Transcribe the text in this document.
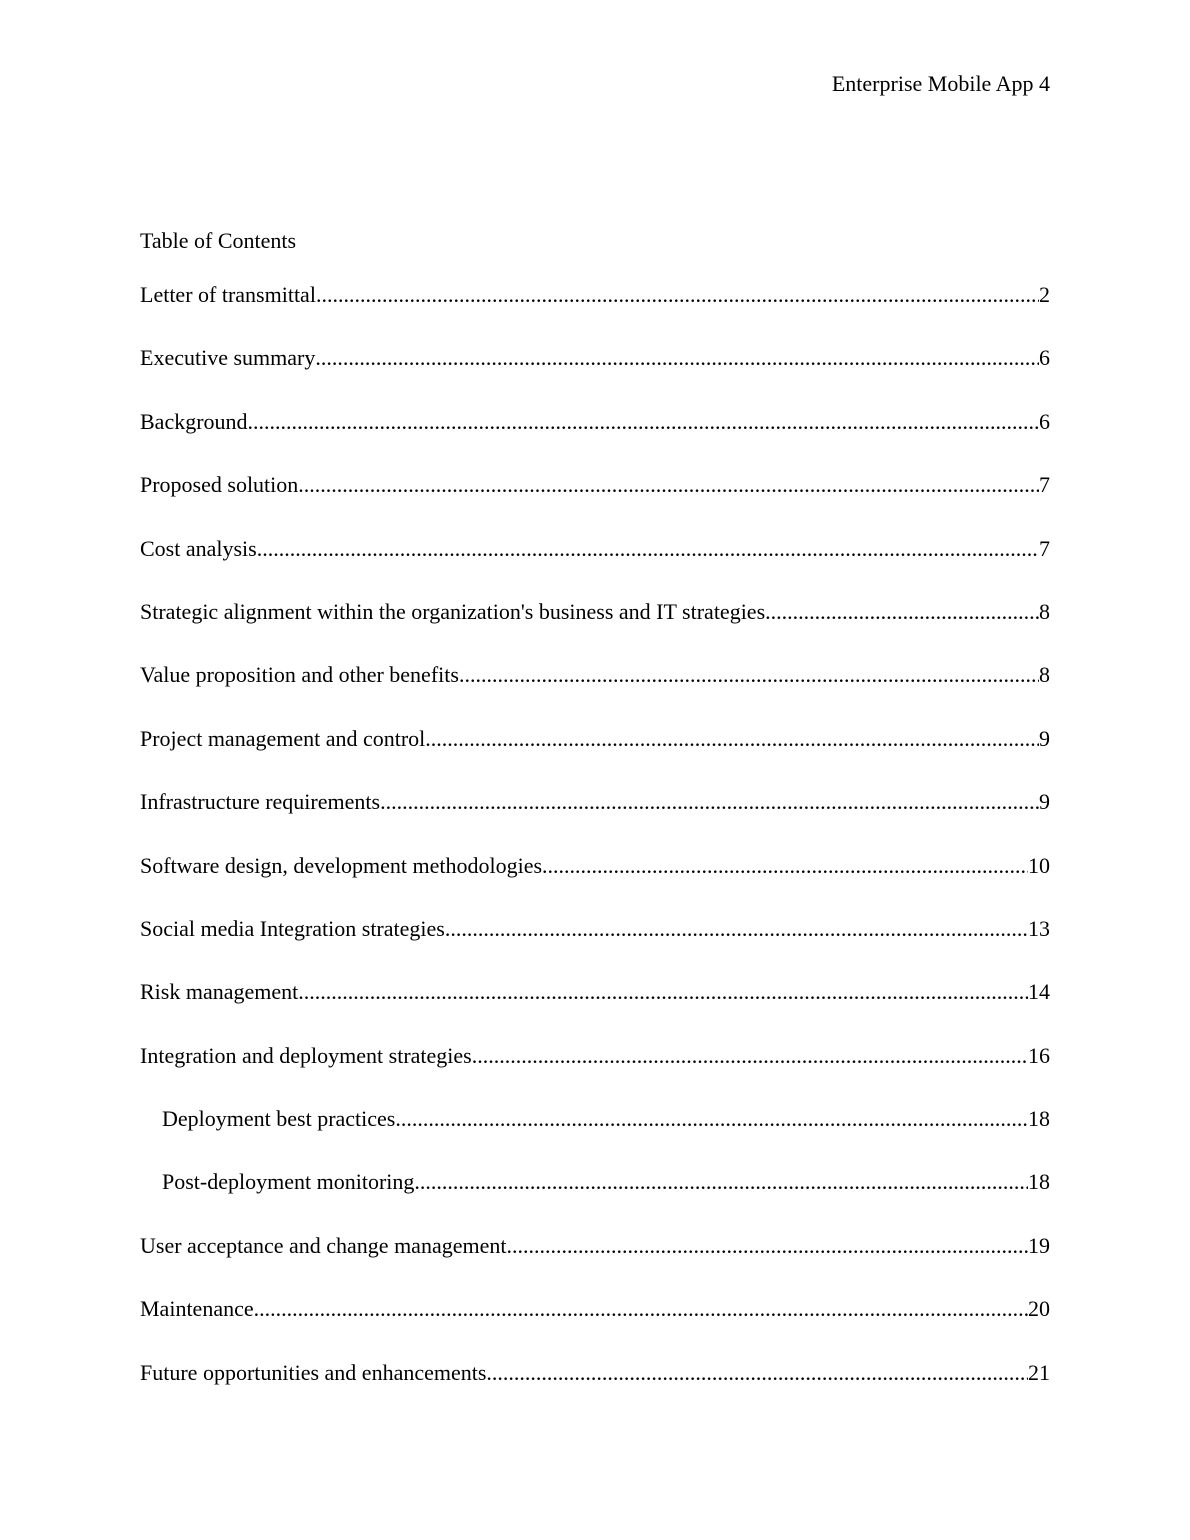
Enterprise Mobile App 4
Table of Contents
Letter of transmittal .....	2
Executive summary .....	6
Background .....	6
Proposed solution .....	7
Cost analysis .....	7
Strategic alignment within the organization's business and IT strategies .....	8
Value proposition and other benefits .....	8
Project management and control .....	9
Infrastructure requirements .....	9
Software design, development methodologies .....	10
Social media Integration strategies .....	13
Risk management .....	14
Integration and deployment strategies .....	16
Deployment best practices .....	18
Post-deployment monitoring .....	18
User acceptance and change management .....	19
Maintenance .....	20
Future opportunities and enhancements .....	21
